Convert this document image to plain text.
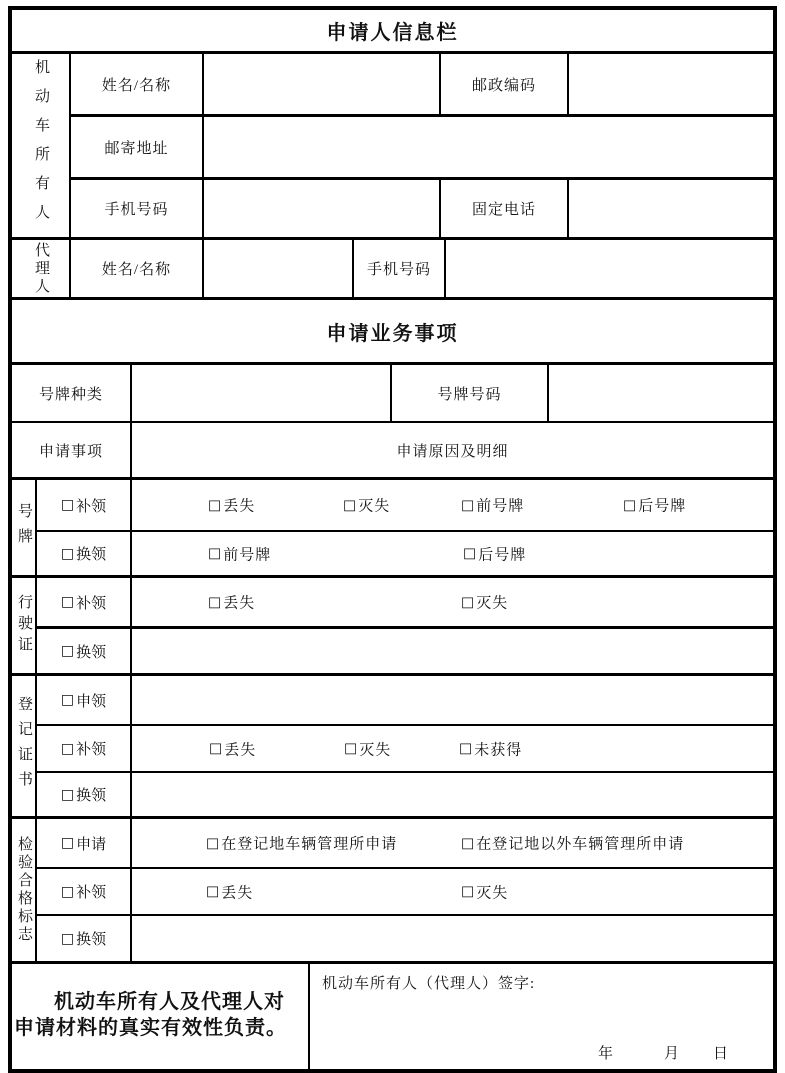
申请人信息栏
机动车所有人	姓名/名称	邮政编码
邮寄地址
手机号码	固定电话
代理人	姓名/名称	手机号码
申请业务事项
号牌种类	号牌号码
申请事项	申请原因及明细
号牌	□ 补领	□ 丢失	□ 灭失	□ 前号牌	□ 后号牌
□ 换领	□ 前号牌	□ 后号牌
行驶证	□ 补领	□ 丢失	□ 灭失
□ 换领
登记证书	□ 申领
□ 补领	□ 丢失	□ 灭失	□ 未获得
□ 换领
检验合格标志	□ 申请	□ 在登记地车辆管理所申请	□ 在登记地以外车辆管理所申请
□ 补领	□ 丢失	□ 灭失
□ 换领

机动车所有人及代理人对申请材料的真实有效性负责。

机动车所有人（代理人）签字:
年	月 日
